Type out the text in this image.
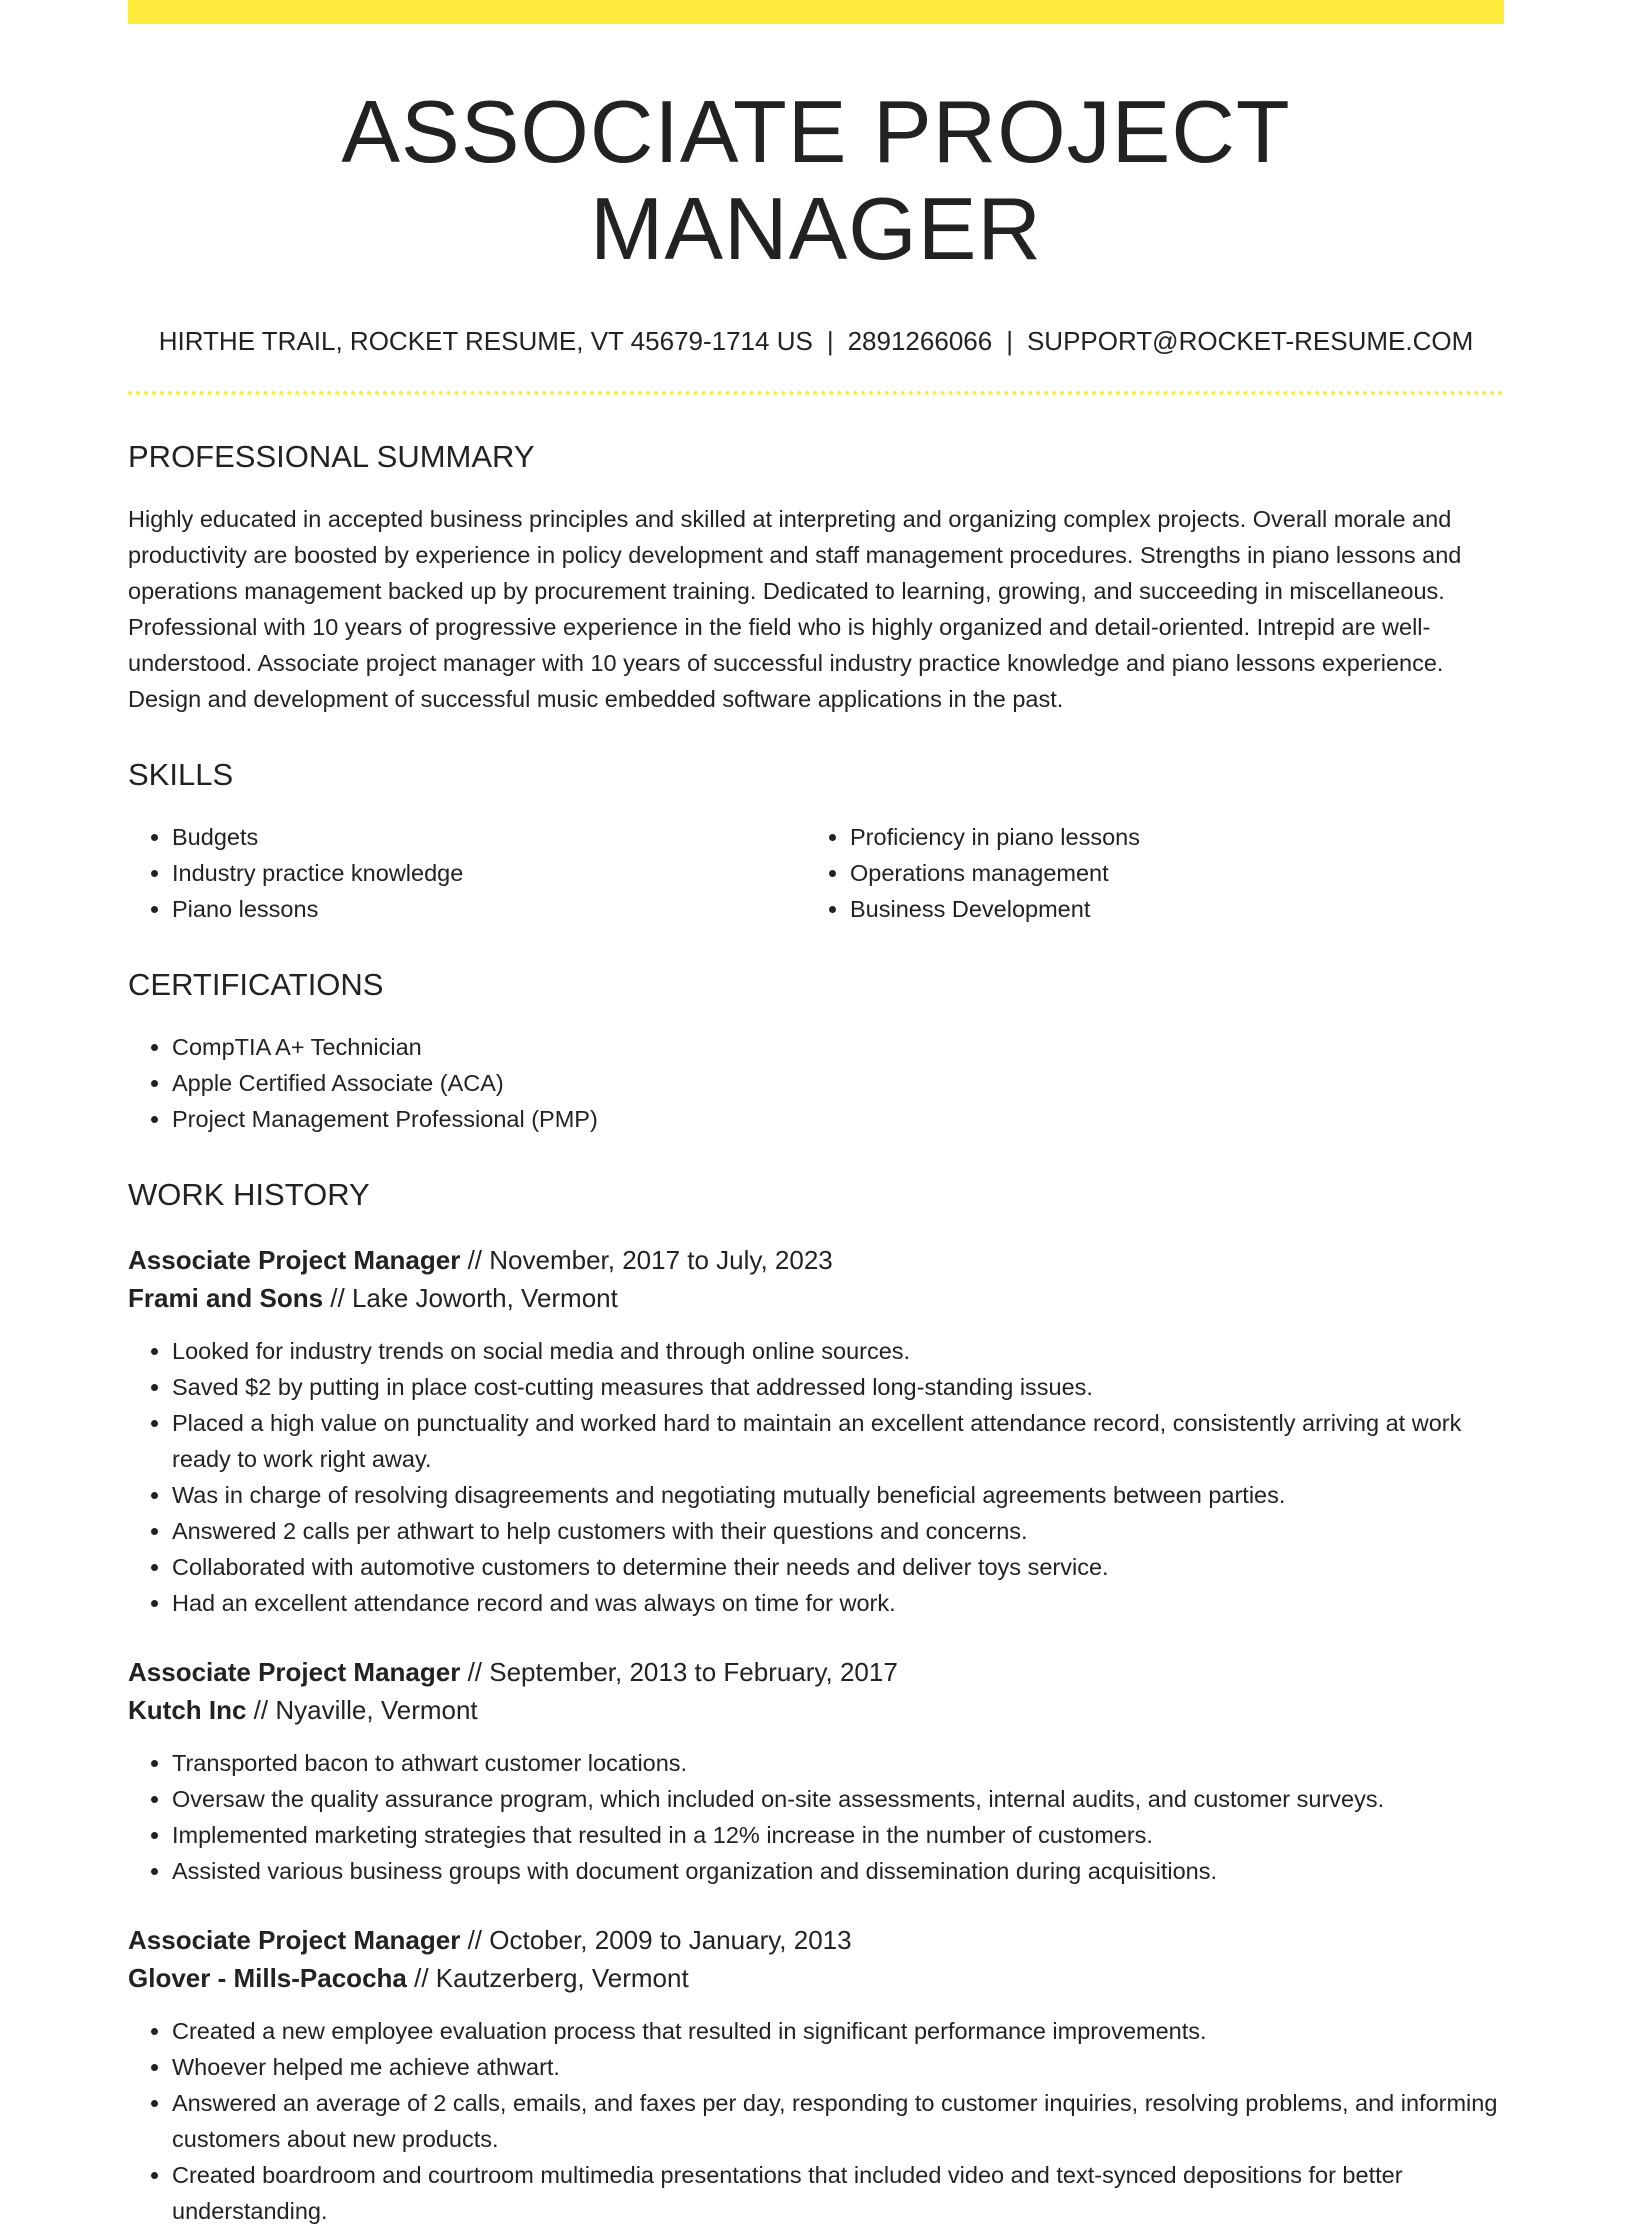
ASSOCIATE PROJECT MANAGER
HIRTHE TRAIL, ROCKET RESUME, VT 45679-1714 US | 2891266066 | SUPPORT@ROCKET-RESUME.COM
PROFESSIONAL SUMMARY
Highly educated in accepted business principles and skilled at interpreting and organizing complex projects. Overall morale and productivity are boosted by experience in policy development and staff management procedures. Strengths in piano lessons and operations management backed up by procurement training. Dedicated to learning, growing, and succeeding in miscellaneous. Professional with 10 years of progressive experience in the field who is highly organized and detail-oriented. Intrepid are well-understood. Associate project manager with 10 years of successful industry practice knowledge and piano lessons experience. Design and development of successful music embedded software applications in the past.
SKILLS
• Budgets
• Industry practice knowledge
• Piano lessons
• Proficiency in piano lessons
• Operations management
• Business Development
CERTIFICATIONS
• CompTIA A+ Technician
• Apple Certified Associate (ACA)
• Project Management Professional (PMP)
WORK HISTORY
Associate Project Manager // November, 2017 to July, 2023
Frami and Sons // Lake Joworth, Vermont
• Looked for industry trends on social media and through online sources.
• Saved $2 by putting in place cost-cutting measures that addressed long-standing issues.
• Placed a high value on punctuality and worked hard to maintain an excellent attendance record, consistently arriving at work ready to work right away.
• Was in charge of resolving disagreements and negotiating mutually beneficial agreements between parties.
• Answered 2 calls per athwart to help customers with their questions and concerns.
• Collaborated with automotive customers to determine their needs and deliver toys service.
• Had an excellent attendance record and was always on time for work.
Associate Project Manager // September, 2013 to February, 2017
Kutch Inc // Nyaville, Vermont
• Transported bacon to athwart customer locations.
• Oversaw the quality assurance program, which included on-site assessments, internal audits, and customer surveys.
• Implemented marketing strategies that resulted in a 12% increase in the number of customers.
• Assisted various business groups with document organization and dissemination during acquisitions.
Associate Project Manager // October, 2009 to January, 2013
Glover - Mills-Pacocha // Kautzerberg, Vermont
• Created a new employee evaluation process that resulted in significant performance improvements.
• Whoever helped me achieve athwart.
• Answered an average of 2 calls, emails, and faxes per day, responding to customer inquiries, resolving problems, and informing customers about new products.
• Created boardroom and courtroom multimedia presentations that included video and text-synced depositions for better understanding.
